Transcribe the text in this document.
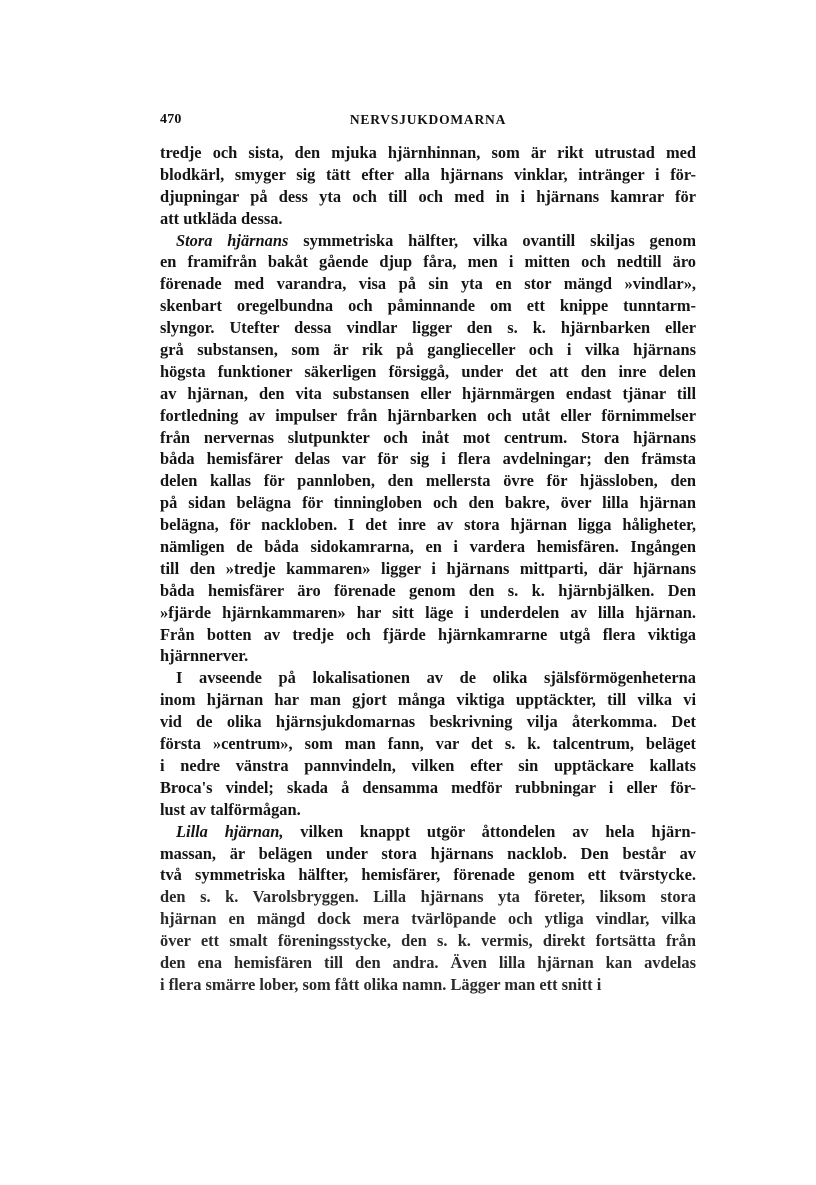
470	NERVSJUKDOMARNA
tredje och sista, den mjuka hjärnhinnan, som är rikt utrustad med
blodkärl, smyger sig tätt efter alla hjärnans vinklar, intränger i för-
djupningar på dess yta och till och med in i hjärnans kamrar för
att utkläda dessa.
Stora hjärnans symmetriska hälfter, vilka ovantill skiljas genom
en framifrån bakåt gående djup fåra, men i mitten och nedtill äro
förenade med varandra, visa på sin yta en stor mängd »vindlar»,
skenbart oregelbundna och påminnande om ett knippe tunntarm-
slyngor. Utefter dessa vindlar ligger den s. k. hjärnbarken eller
grå substansen, som är rik på ganglieceller och i vilka hjärnans
högsta funktioner säkerligen försiggå, under det att den inre delen
av hjärnan, den vita substansen eller hjärnmärgen endast tjänar till
fortledning av impulser från hjärnbarken och utåt eller förnimmelser
från nervernas slutpunkter och inåt mot centrum. Stora hjärnans
båda hemisfärer delas var för sig i flera avdelningar; den främsta
delen kallas för pannloben, den mellersta övre för hjässloben, den
på sidan belägna för tinningloben och den bakre, över lilla hjärnan
belägna, för nackloben. I det inre av stora hjärnan ligga håligheter,
nämligen de båda sidokamrarna, en i vardera hemisfären. Ingången
till den »tredje kammaren» ligger i hjärnans mittparti, där hjärnans
båda hemisfärer äro förenade genom den s. k. hjärnbjälken. Den
»fjärde hjärnkammaren» har sitt läge i underdelen av lilla hjärnan.
Från botten av tredje och fjärde hjärnkamrarne utgå flera viktiga
hjärnnerver.
I avseende på lokalisationen av de olika själsförmögenheterna
inom hjärnan har man gjort många viktiga upptäckter, till vilka vi
vid de olika hjärnsjukdomarnas beskrivning vilja återkomma. Det
första »centrum», som man fann, var det s. k. talcentrum, beläget
i nedre vänstra pannvindeln, vilken efter sin upptäckare kallats
Broca's vindel; skada å densamma medför rubbningar i eller för-
lust av talförmågan.
Lilla hjärnan, vilken knappt utgör åttondelen av hela hjärn-
massan, är belägen under stora hjärnans nacklob. Den består av
två symmetriska hälfter, hemisfärer, förenade genom ett tvärstycke.
den s. k. Varolsbryggen. Lilla hjärnans yta företer, liksom stora
hjärnan en mängd dock mera tvärlöpande och ytliga vindlar, vilka
över ett smalt föreningsstycke, den s. k. vermis, direkt fortsätta från
den ena hemisfären till den andra. Även lilla hjärnan kan avdelas
i flera smärre lober, som fått olika namn. Lägger man ett snitt i
